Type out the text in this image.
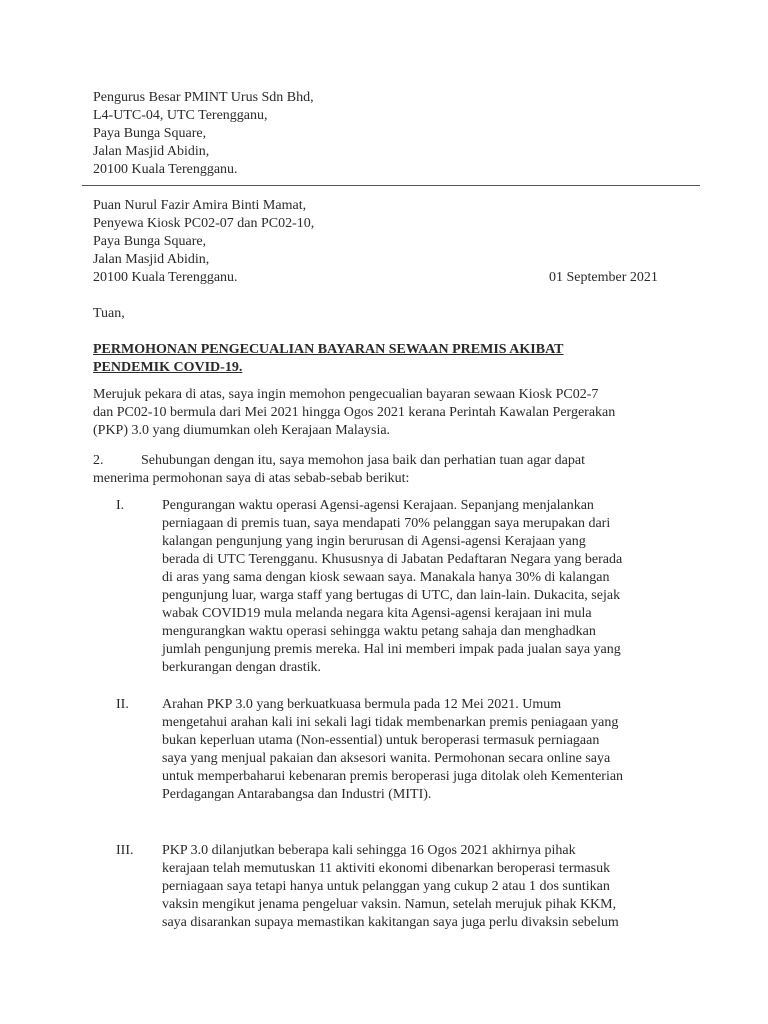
Pengurus Besar PMINT Urus Sdn Bhd,
L4-UTC-04, UTC Terengganu,
Paya Bunga Square,
Jalan Masjid Abidin,
20100 Kuala Terengganu.
Puan Nurul Fazir Amira Binti Mamat,
Penyewa Kiosk PC02-07 dan PC02-10,
Paya Bunga Square,
Jalan Masjid Abidin,
20100 Kuala Terengganu.	01 September 2021
Tuan,
PERMOHONAN PENGECUALIAN BAYARAN SEWAAN PREMIS AKIBAT
PENDEMIK COVID-19.
Merujuk pekara di atas, saya ingin memohon pengecualian bayaran sewaan Kiosk PC02-7
dan PC02-10 bermula dari Mei 2021 hingga Ogos 2021 kerana Perintah Kawalan Pergerakan
(PKP) 3.0 yang diumumkan oleh Kerajaan Malaysia.
2.	Sehubungan dengan itu, saya memohon jasa baik dan perhatian tuan agar dapat
menerima permohonan saya di atas sebab-sebab berikut:
I.	Pengurangan waktu operasi Agensi-agensi Kerajaan. Sepanjang menjalankan
perniagaan di premis tuan, saya mendapati 70% pelanggan saya merupakan dari
kalangan pengunjung yang ingin berurusan di Agensi-agensi Kerajaan yang
berada di UTC Terengganu. Khususnya di Jabatan Pedaftaran Negara yang berada
di aras yang sama dengan kiosk sewaan saya. Manakala hanya 30% di kalangan
pengunjung luar, warga staff yang bertugas di UTC, dan lain-lain. Dukacita, sejak
wabak COVID19 mula melanda negara kita Agensi-agensi kerajaan ini mula
mengurangkan waktu operasi sehingga waktu petang sahaja dan menghadkan
jumlah pengunjung premis mereka. Hal ini memberi impak pada jualan saya yang
berkurangan dengan drastik.
II. Arahan PKP 3.0 yang berkuatkuasa bermula pada 12 Mei 2021. Umum
mengetahui arahan kali ini sekali lagi tidak membenarkan premis peniagaan yang
bukan keperluan utama (Non-essential) untuk beroperasi termasuk perniagaan
saya yang menjual pakaian dan aksesori wanita. Permohonan secara online saya
untuk memperbaharui kebenaran premis beroperasi juga ditolak oleh Kementerian
Perdagangan Antarabangsa dan Industri (MITI).
III. PKP 3.0 dilanjutkan beberapa kali sehingga 16 Ogos 2021 akhirnya pihak
kerajaan telah memutuskan 11 aktiviti ekonomi dibenarkan beroperasi termasuk
perniagaan saya tetapi hanya untuk pelanggan yang cukup 2 atau 1 dos suntikan
vaksin mengikut jenama pengeluar vaksin. Namun, setelah merujuk pihak KKM,
saya disarankan supaya memastikan kakitangan saya juga perlu divaksin sebelum
